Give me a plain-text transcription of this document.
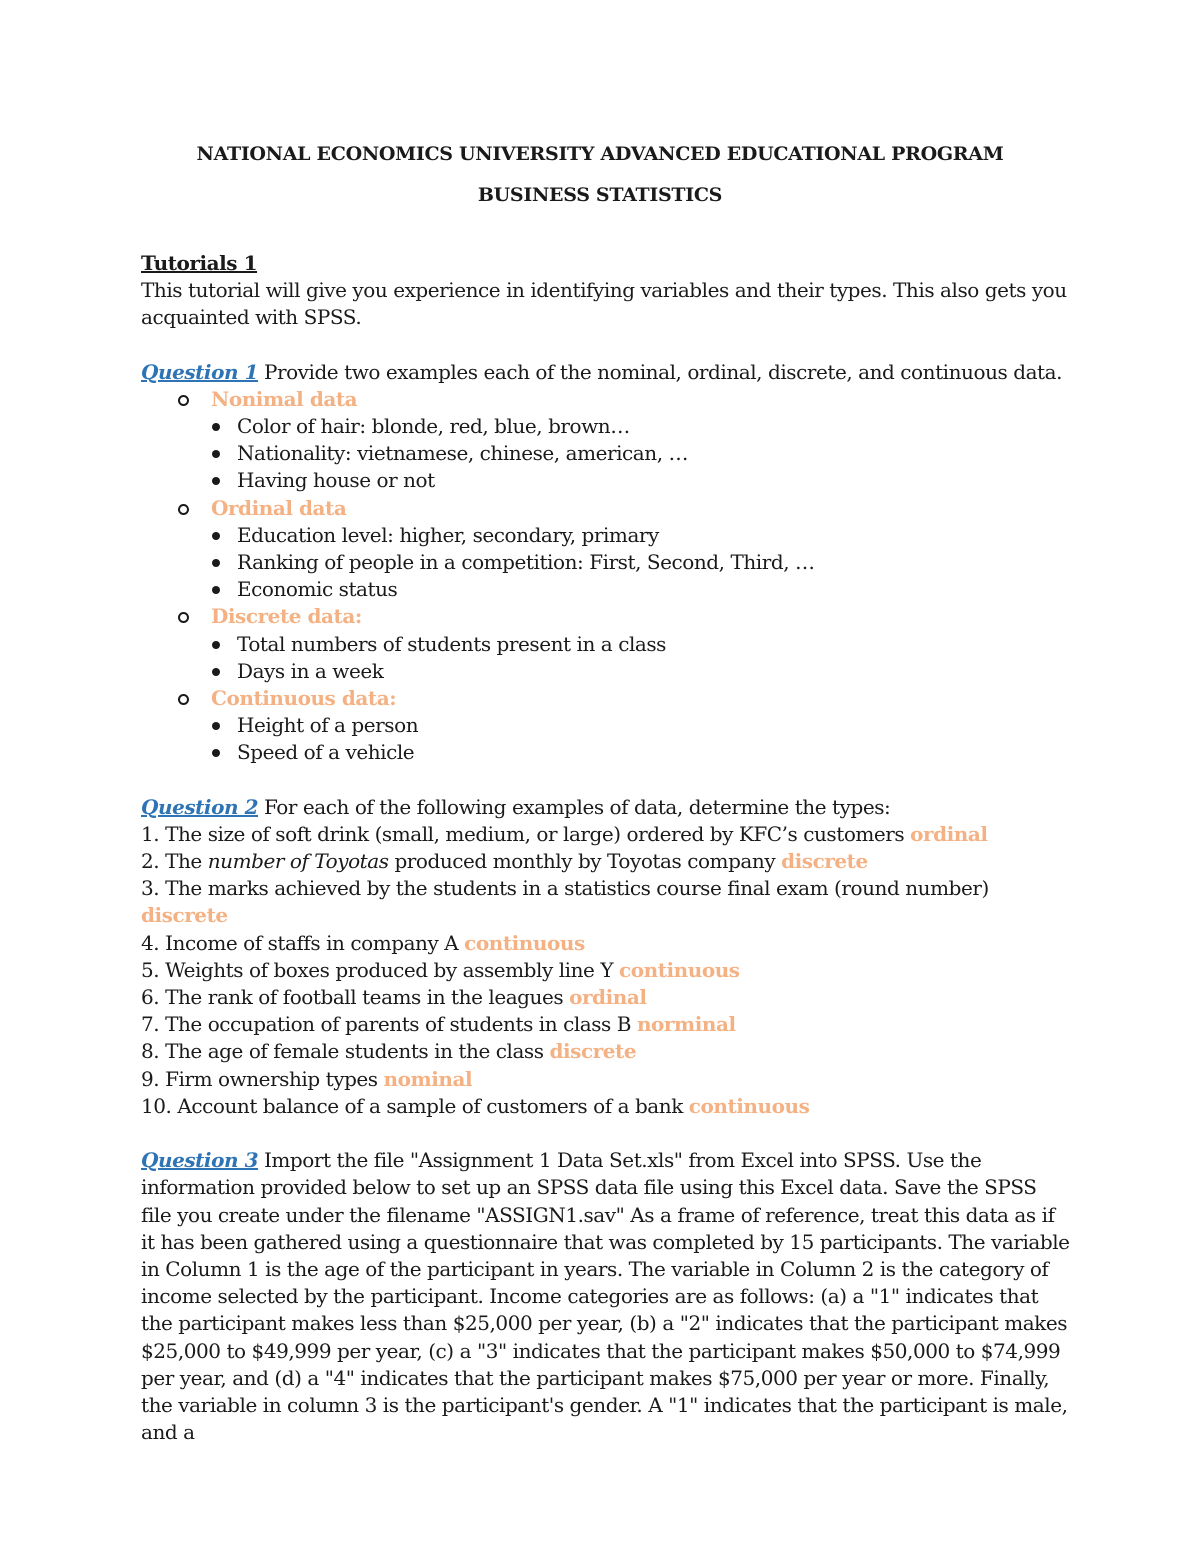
NATIONAL ECONOMICS UNIVERSITY ADVANCED EDUCATIONAL PROGRAM
BUSINESS STATISTICS

Tutorials 1

This tutorial will give you experience in identifying variables and their types. This also gets you acquainted with SPSS.

Question 1 Provide two examples each of the nominal, ordinal, discrete, and continuous data.

Nonimal data

Color of hair: blonde, red, blue, brown…

Nationality: vietnamese, chinese, american, …

Having house or not

Ordinal data

Education level: higher, secondary, primary

Ranking of people in a competition: First, Second, Third, …

Economic status

Discrete data:

Total numbers of students present in a class

Days in a week

Continuous data:

Height of a person

Speed of a vehicle

Question 2 For each of the following examples of data, determine the types:

1. The size of soft drink (small, medium, or large) ordered by KFC’s customers ordinal

2. The number of Toyotas produced monthly by Toyotas company discrete

3. The marks achieved by the students in a statistics course final exam (round number) discrete

4. Income of staffs in company A continuous

5. Weights of boxes produced by assembly line Y continuous

6. The rank of football teams in the leagues ordinal

7. The occupation of parents of students in class B norminal

8. The age of female students in the class discrete

9. Firm ownership types nominal

10. Account balance of a sample of customers of a bank continuous

Question 3 Import the file "Assignment 1 Data Set.xls" from Excel into SPSS. Use the information provided below to set up an SPSS data file using this Excel data. Save the SPSS file you create under the filename "ASSIGN1.sav" As a frame of reference, treat this data as if it has been gathered using a questionnaire that was completed by 15 participants. The variable in Column 1 is the age of the participant in years. The variable in Column 2 is the category of income selected by the participant. Income categories are as follows: (a) a "1" indicates that the participant makes less than $25,000 per year, (b) a "2" indicates that the participant makes $25,000 to $49,999 per year, (c) a "3" indicates that the participant makes $50,000 to $74,999 per year, and (d) a "4" indicates that the participant makes $75,000 per year or more. Finally, the variable in column 3 is the participant's gender. A "1" indicates that the participant is male, and a
